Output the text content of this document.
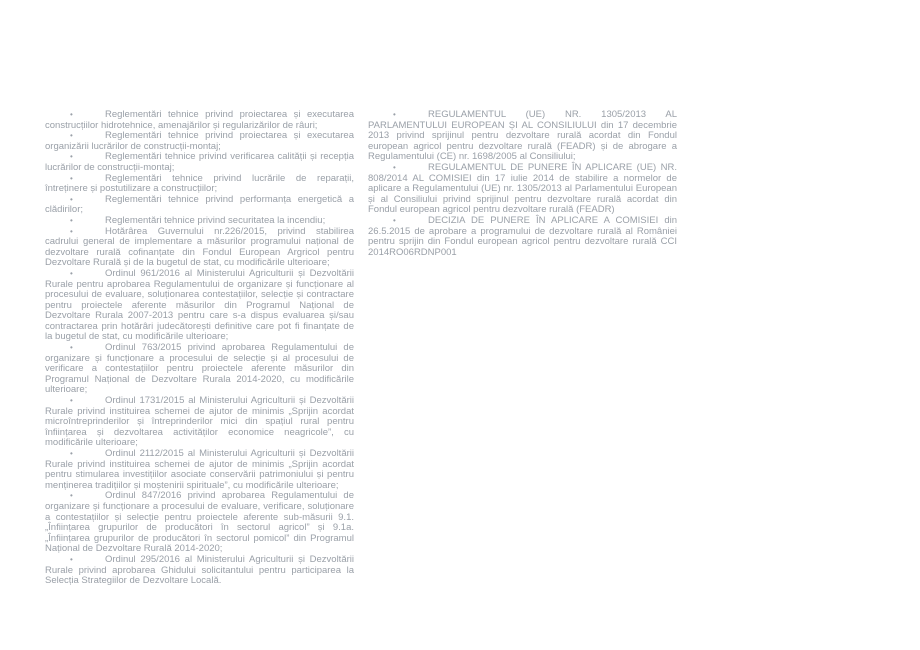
•	Reglementări tehnice privind proiectarea și executarea construcțiilor hidrotehnice, amenajărilor și regularizărilor de râuri;

•	Reglementări tehnice privind proiectarea și executarea organizării lucrărilor de construcții-montaj;

•	Reglementări tehnice privind verificarea calității și recepția lucrărilor de construcții-montaj;

•	Reglementări tehnice privind lucrările de reparații, întreținere și postutilizare a construcțiilor;

•	Reglementări tehnice privind performanța energetică a clădirilor;

•	Reglementări tehnice privind securitatea la incendiu;

•	Hotărârea Guvernului nr.226/2015, privind stabilirea cadrului general de implementare a măsurilor programului național de dezvoltare rurală cofinanțate din Fondul European Argricol pentru Dezvoltare Rurală și de la bugetul de stat, cu modificările ulterioare;

•	Ordinul 961/2016 al Ministerului Agriculturii și Dezvoltării Rurale pentru aprobarea Regulamentului de organizare și funcționare al procesului de evaluare, soluționarea contestațiilor, selecție și contractare pentru proiectele aferente măsurilor din Programul Național de Dezvoltare Rurala 2007-2013 pentru care s-a dispus evaluarea și/sau contractarea prin hotărâri judecătorești definitive care pot fi finanțate de la bugetul de stat, cu modificările ulterioare;

•	Ordinul 763/2015 privind aprobarea Regulamentului de organizare și funcționare a procesului de selecție și al procesului de verificare a contestațiilor pentru proiectele aferente măsurilor din Programul Național de Dezvoltare Rurala 2014-2020, cu modificările ulterioare;

•	Ordinul 1731/2015 al Ministerului Agriculturii și Dezvoltării Rurale privind instituirea schemei de ajutor de minimis „Sprijin acordat microîntreprinderilor și întreprinderilor mici din spațiul rural pentru înființarea și dezvoltarea activităților economice neagricole”, cu modificările ulterioare;

•	Ordinul 2112/2015 al Ministerului Agriculturii și Dezvoltării Rurale privind instituirea schemei de ajutor de minimis „Sprijin acordat pentru stimularea investițiilor asociate conservării patrimoniului și pentru menținerea tradițiilor și moștenirii spirituale”, cu modificările ulterioare;

•	Ordinul 847/2016 privind aprobarea Regulamentului de organizare și funcționare a procesului de evaluare, verificare, soluționare a contestațiilor și selecție pentru proiectele aferente sub-măsurii 9.1. „Înființarea grupurilor de producători în sectorul agricol” și 9.1a. „Înființarea grupurilor de producători în sectorul pomicol” din Programul Național de Dezvoltare Rurală 2014-2020;

•	Ordinul 295/2016 al Ministerului Agriculturii și Dezvoltării Rurale privind aprobarea Ghidului solicitantului pentru participarea la Selecția Strategiilor de Dezvoltare Locală.

•	REGULAMENTUL (UE) NR. 1305/2013 AL PARLAMENTULUI EUROPEAN ȘI AL CONSILIULUI din 17 decembrie 2013 privind sprijinul pentru dezvoltare rurală acordat din Fondul european agricol pentru dezvoltare rurală (FEADR) și de abrogare a Regulamentului (CE) nr. 1698/2005 al Consiliului;

•	REGULAMENTUL DE PUNERE ÎN APLICARE (UE) NR. 808/2014 AL COMISIEI din 17 iulie 2014 de stabilire a normelor de aplicare a Regulamentului (UE) nr. 1305/2013 al Parlamentului European și al Consiliului privind sprijinul pentru dezvoltare rurală acordat din Fondul european agricol pentru dezvoltare rurală (FEADR)

•	DECIZIA DE PUNERE ÎN APLICARE A COMISIEI din 26.5.2015 de aprobare a programului de dezvoltare rurală al României pentru sprijin din Fondul european agricol pentru dezvoltare rurală CCI 2014RO06RDNP001
